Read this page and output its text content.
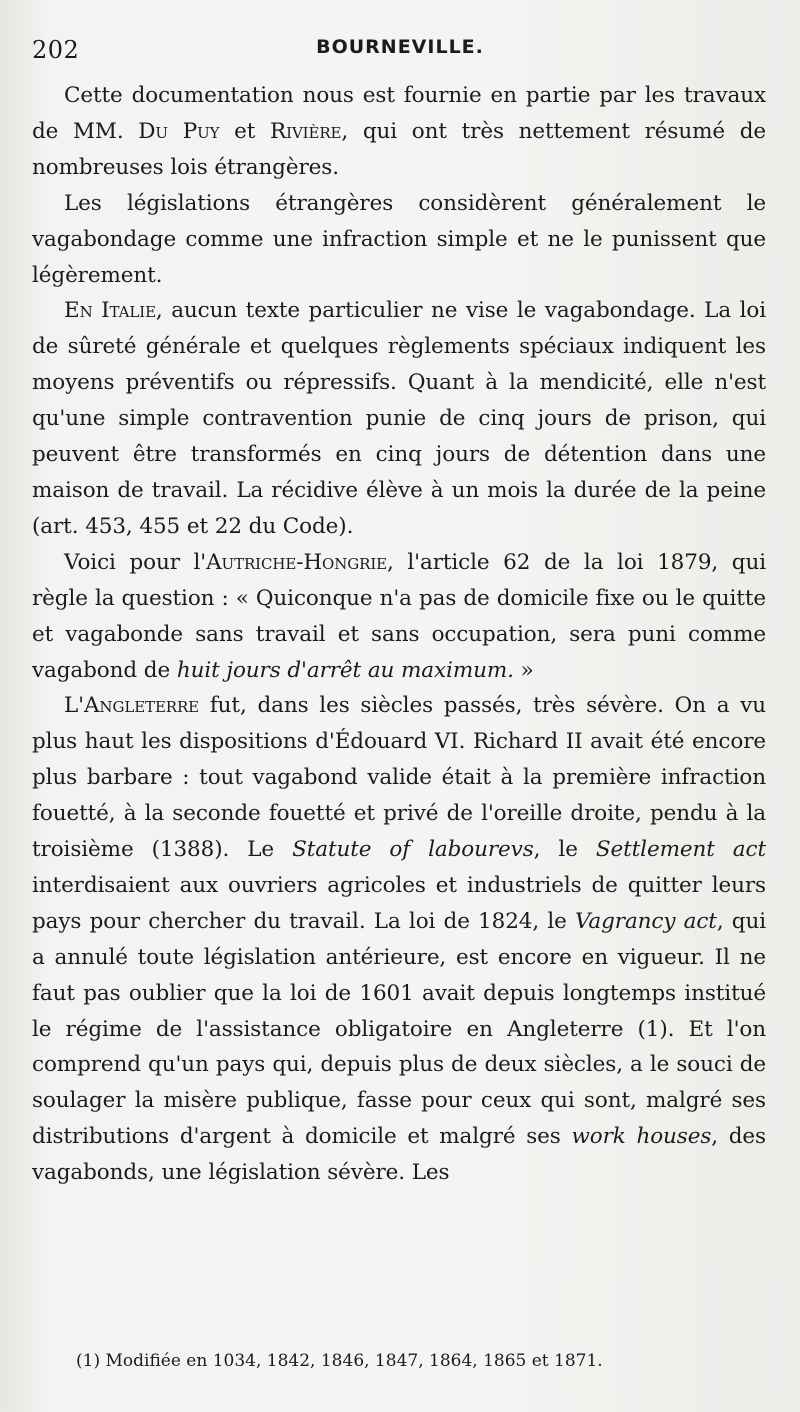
202	BOURNEVILLE.

Cette documentation nous est fournie en partie par les travaux de MM. Du Puy et Rivière, qui ont très nettement résumé de nombreuses lois étrangères.

Les législations étrangères considèrent généralement le vagabondage comme une infraction simple et ne le punissent que légèrement.

En Italie, aucun texte particulier ne vise le vagabondage. La loi de sûreté générale et quelques règlements spéciaux indiquent les moyens préventifs ou répressifs. Quant à la mendicité, elle n'est qu'une simple contravention punie de cinq jours de prison, qui peuvent être transformés en cinq jours de détention dans une maison de travail. La récidive élève à un mois la durée de la peine (art. 453, 455 et 22 du Code).

Voici pour l'Autriche-Hongrie, l'article 62 de la loi 1879, qui règle la question : « Quiconque n'a pas de domicile fixe ou le quitte et vagabonde sans travail et sans occupation, sera puni comme vagabond de huit jours d'arrêt au maximum. »

L'Angleterre fut, dans les siècles passés, très sévère. On a vu plus haut les dispositions d'Édouard VI. Richard II avait été encore plus barbare : tout vagabond valide était à la première infraction fouetté, à la seconde fouetté et privé de l'oreille droite, pendu à la troisième (1388). Le Statute of labourevs, le Settlement act interdisaient aux ouvriers agricoles et industriels de quitter leurs pays pour chercher du travail. La loi de 1824, le Vagrancy act, qui a annulé toute législation antérieure, est encore en vigueur. Il ne faut pas oublier que la loi de 1601 avait depuis longtemps institué le régime de l'assistance obligatoire en Angleterre (1). Et l'on comprend qu'un pays qui, depuis plus de deux siècles, a le souci de soulager la misère publique, fasse pour ceux qui sont, malgré ses distributions d'argent à domicile et malgré ses work houses, des vagabonds, une législation sévère. Les

(1) Modifiée en 1034, 1842, 1846, 1847, 1864, 1865 et 1871.
